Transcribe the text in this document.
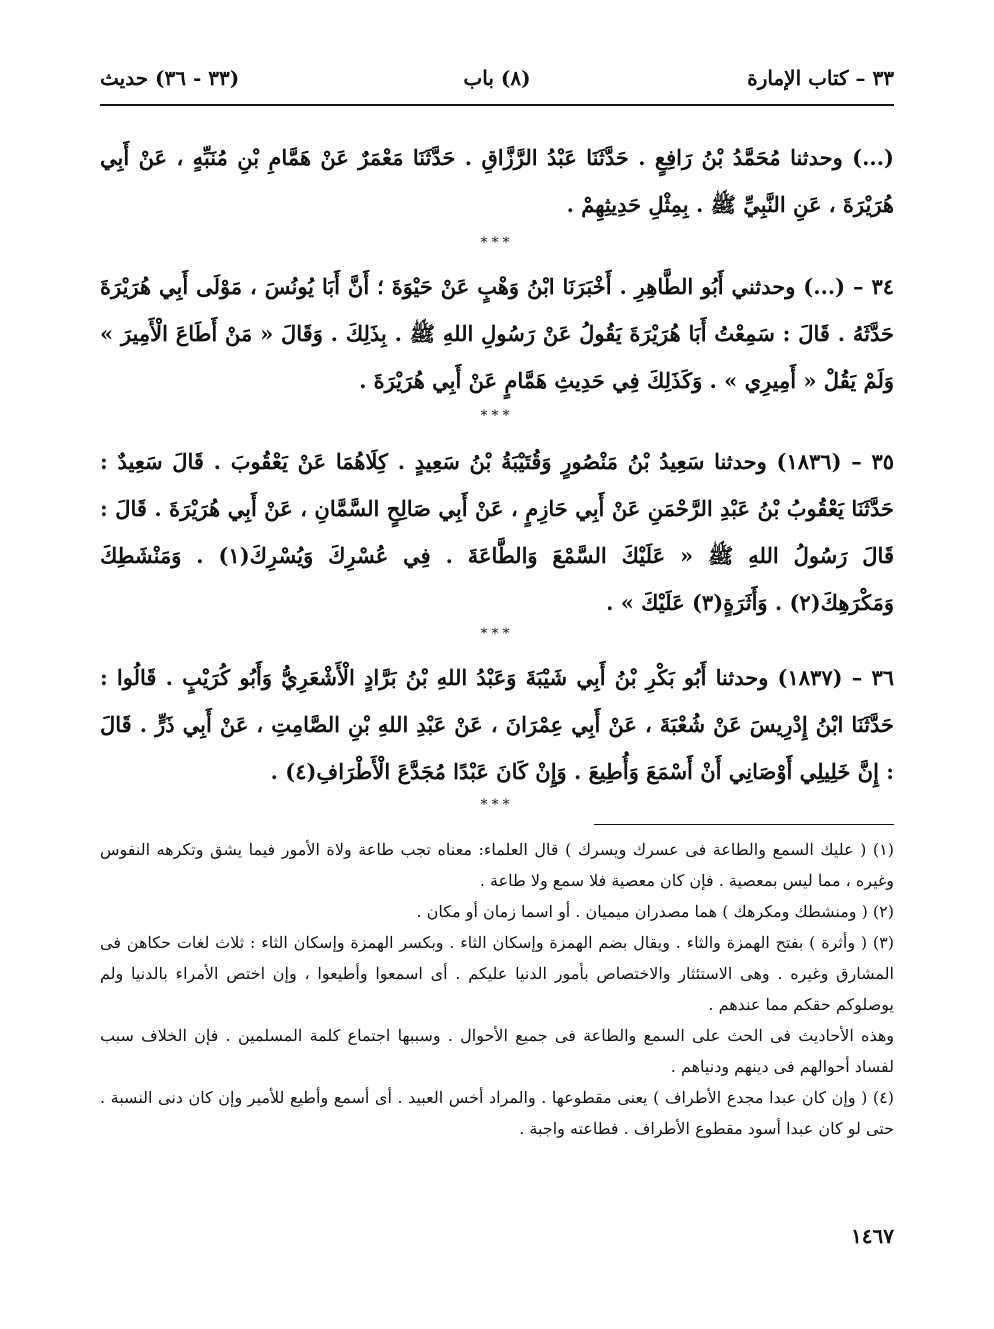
٣٣ – كتاب الإمارة
(٨) باب
(٣٣ - ٣٦) حديث
(...) وحدثنا مُحَمَّدُ بْنُ رَافِعٍ . حَدَّثَنَا عَبْدُ الرَّزَّاقِ . حَدَّثَنَا مَعْمَرٌ عَنْ هَمَّامِ بْنِ مُنَبِّهٍ ، عَنْ أَبِي هُرَيْرَةَ ، عَنِ النَّبِيِّ ﷺ . بِمِثْلِ حَدِيثِهِمْ .
***
٣٤ – (...) وحدثني أَبُو الطَّاهِرِ . أَخْبَرَنَا ابْنُ وَهْبٍ عَنْ حَيْوَةَ ؛ أَنَّ أَبَا يُونُسَ ، مَوْلَى أَبِي هُرَيْرَةَ حَدَّثَهُ . قَالَ : سَمِعْتُ أَبَا هُرَيْرَةَ يَقُولُ عَنْ رَسُولِ اللهِ ﷺ . بِذَلِكَ . وَقَالَ « مَنْ أَطَاعَ الْأَمِيرَ » وَلَمْ يَقُلْ « أَمِيرِي » . وَكَذَلِكَ فِي حَدِيثِ هَمَّامٍ عَنْ أَبِي هُرَيْرَةَ .
***
٣٥ – (١٨٣٦) وحدثنا سَعِيدُ بْنُ مَنْصُورٍ وَقُتَيْبَةُ بْنُ سَعِيدٍ . كِلَاهُمَا عَنْ يَعْقُوبَ . قَالَ سَعِيدٌ : حَدَّثَنَا يَعْقُوبُ بْنُ عَبْدِ الرَّحْمَنِ عَنْ أَبِي حَازِمٍ ، عَنْ أَبِي صَالِحٍ السَّمَّانِ ، عَنْ أَبِي هُرَيْرَةَ . قَالَ : قَالَ رَسُولُ اللهِ ﷺ « عَلَيْكَ السَّمْعَ وَالطَّاعَةَ . فِي عُسْرِكَ وَيُسْرِكَ(١) . وَمَنْشَطِكَ وَمَكْرَهِكَ(٢) . وَأَثَرَةٍ(٣) عَلَيْكَ » .
***
٣٦ – (١٨٣٧) وحدثنا أَبُو بَكْرِ بْنُ أَبِي شَيْبَةَ وَعَبْدُ اللهِ بْنُ بَرَّادٍ الْأَشْعَرِيُّ وَأَبُو كُرَيْبٍ . قَالُوا : حَدَّثَنَا ابْنُ إِدْرِيسَ عَنْ شُعْبَةَ ، عَنْ أَبِي عِمْرَانَ ، عَنْ عَبْدِ اللهِ بْنِ الصَّامِتِ ، عَنْ أَبِي ذَرٍّ . قَالَ : إِنَّ خَلِيلِي أَوْصَانِي أَنْ أَسْمَعَ وَأُطِيعَ . وَإِنْ كَانَ عَبْدًا مُجَدَّعَ الْأَطْرَافِ(٤) .
***

(١) ( عليك السمع والطاعة فى عسرك ويسرك ) قال العلماء: معناه تجب طاعة ولاة الأمور فيما يشق وتكرهه النفوس وغيره ، مما ليس بمعصية . فإن كان معصية فلا سمع ولا طاعة .

(٢) ( ومنشطك ومكرهك ) هما مصدران ميميان . أو اسما زمان أو مكان .

(٣) ( وأثرة ) بفتح الهمزة والثاء . ويقال بضم الهمزة وإسكان الثاء . وبكسر الهمزة وإسكان الثاء : ثلاث لغات حكاهن فى المشارق وغيره . وهى الاستئثار والاختصاص بأمور الدنيا عليكم . أى اسمعوا وأطيعوا ، وإن اختص الأمراء بالدنيا ولم يوصلوكم حقكم مما عندهم .

وهذه الأحاديث فى الحث على السمع والطاعة فى جميع الأحوال . وسببها اجتماع كلمة المسلمين . فإن الخلاف سبب لفساد أحوالهم فى دينهم ودنياهم .

(٤) ( وإن كان عبدا مجدع الأطراف ) يعنى مقطوعها . والمراد أخس العبيد . أى أسمع وأطيع للأمير وإن كان دنى النسبة . حتى لو كان عبدا أسود مقطوع الأطراف . فطاعته واجبة .

١٤٦٧
